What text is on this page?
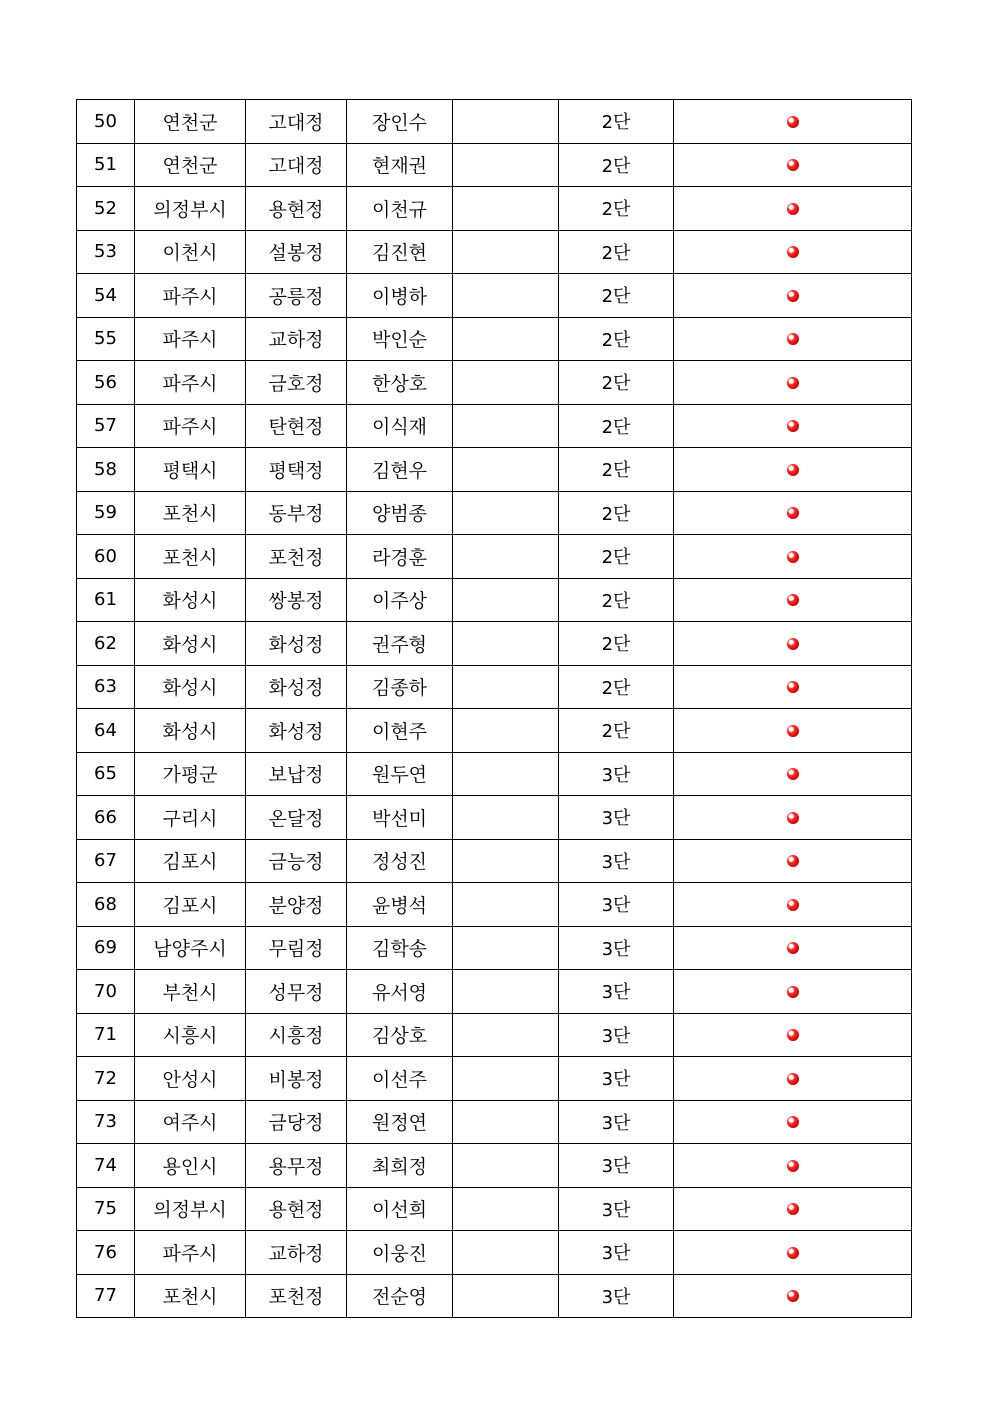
50	연천군	고대정	장인수		2단	
51	연천군	고대정	현재권		2단	
52	의정부시	용현정	이천규		2단	
53	이천시	설봉정	김진현		2단	
54	파주시	공릉정	이병하		2단	
55	파주시	교하정	박인순		2단	
56	파주시	금호정	한상호		2단	
57	파주시	탄현정	이식재		2단	
58	평택시	평택정	김현우		2단	
59	포천시	동부정	양범종		2단	
60	포천시	포천정	라경훈		2단	
61	화성시	쌍봉정	이주상		2단	
62	화성시	화성정	권주형		2단	
63	화성시	화성정	김종하		2단	
64	화성시	화성정	이현주		2단	
65	가평군	보납정	원두연		3단	
66	구리시	온달정	박선미		3단	
67	김포시	금능정	정성진		3단	
68	김포시	분양정	윤병석		3단	
69	남양주시	무림정	김학송		3단	
70	부천시	성무정	유서영		3단	
71	시흥시	시흥정	김상호		3단	
72	안성시	비봉정	이선주		3단	
73	여주시	금당정	원정연		3단	
74	용인시	용무정	최희정		3단	
75	의정부시	용현정	이선희		3단	
76	파주시	교하정	이웅진		3단	
77	포천시	포천정	전순영		3단	
